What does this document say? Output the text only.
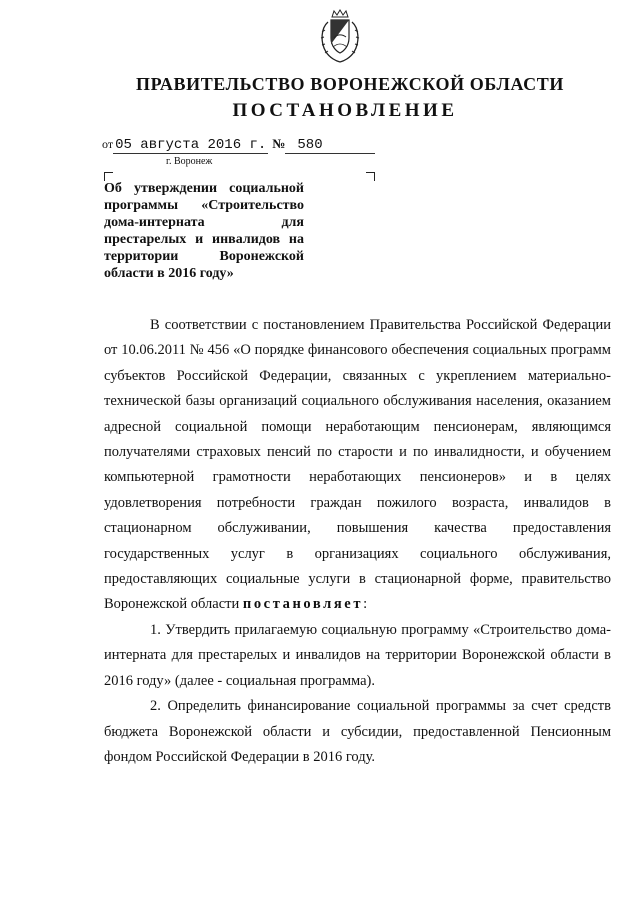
ПРАВИТЕЛЬСТВО ВОРОНЕЖСКОЙ ОБЛАСТИ
ПОСТАНОВЛЕНИЕ
от 05 августа 2016 г. № 580
г. Воронеж
Об утверждении социальной программы «Строительство дома-интерната для престарелых и инвалидов на территории Воронежской области в 2016 году»

В соответствии с постановлением Правительства Российской Федерации от 10.06.2011 № 456 «О порядке финансового обеспечения социальных программ субъектов Российской Федерации, связанных с укреплением материально-технической базы организаций социального обслуживания населения, оказанием адресной социальной помощи неработающим пенсионерам, являющимся получателями страховых пенсий по старости и по инвалидности, и обучением компьютерной грамотности неработающих пенсионеров» и в целях удовлетворения потребности граждан пожилого возраста, инвалидов в стационарном обслуживании, повышения качества предоставления государственных услуг в организациях социального обслуживания, предоставляющих социальные услуги в стационарной форме, правительство Воронежской области постановляет:

1. Утвердить прилагаемую социальную программу «Строительство дома-интерната для престарелых и инвалидов на территории Воронежской области в 2016 году» (далее - социальная программа).

2. Определить финансирование социальной программы за счет средств бюджета Воронежской области и субсидии, предоставленной Пенсионным фондом Российской Федерации в 2016 году.
